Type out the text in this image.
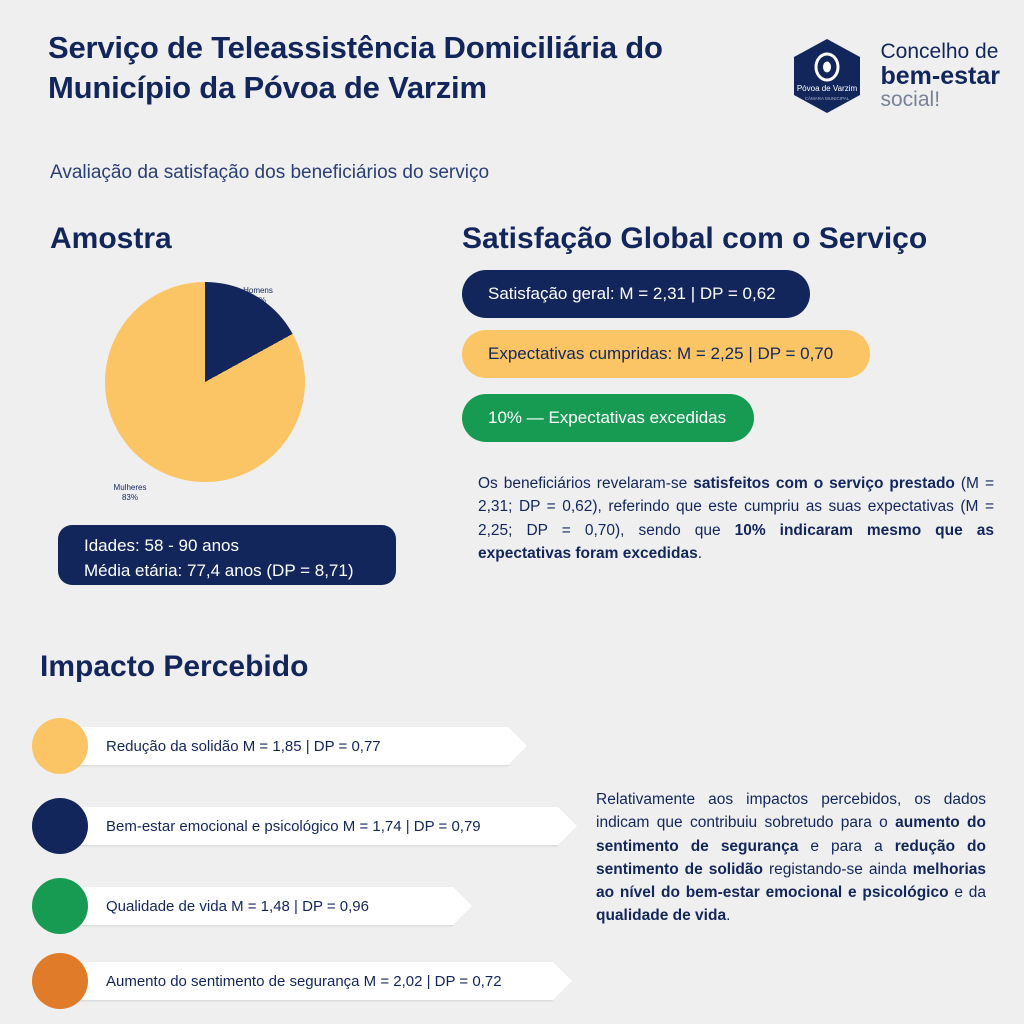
Serviço de Teleassistência Domiciliária do Município da Póvoa de Varzim
Avaliação da satisfação dos beneficiários do serviço
Póvoa de Varzim
CÂMARA MUNICIPAL
Concelho de
bem-estar
social!
Amostra	Satisfação Global com o Serviço
Impacto Percebido
Homens
17%
Mulheres
83%
Idades: 58 - 90 anos
Média etária: 77,4 anos (DP = 8,71)
Satisfação geral: M = 2,31 | DP = 0,62
Expectativas cumpridas: M = 2,25 | DP = 0,70
10% — Expectativas excedidas
Os beneficiários revelaram-se satisfeitos com o serviço prestado (M = 2,31; DP = 0,62), referindo que este cumpriu as suas expectativas (M = 2,25; DP = 0,70), sendo que 10% indicaram mesmo que as expectativas foram excedidas.
Redução da solidão M = 1,85 | DP = 0,77
Bem-estar emocional e psicológico M = 1,74 | DP = 0,79
Qualidade de vida M = 1,48 | DP = 0,96
Aumento do sentimento de segurança M = 2,02 | DP = 0,72
Relativamente aos impactos percebidos, os dados indicam que contribuiu sobretudo para o aumento do sentimento de segurança e para a redução do sentimento de solidão registando-se ainda melhorias ao nível do bem-estar emocional e psicológico e da qualidade de vida.
